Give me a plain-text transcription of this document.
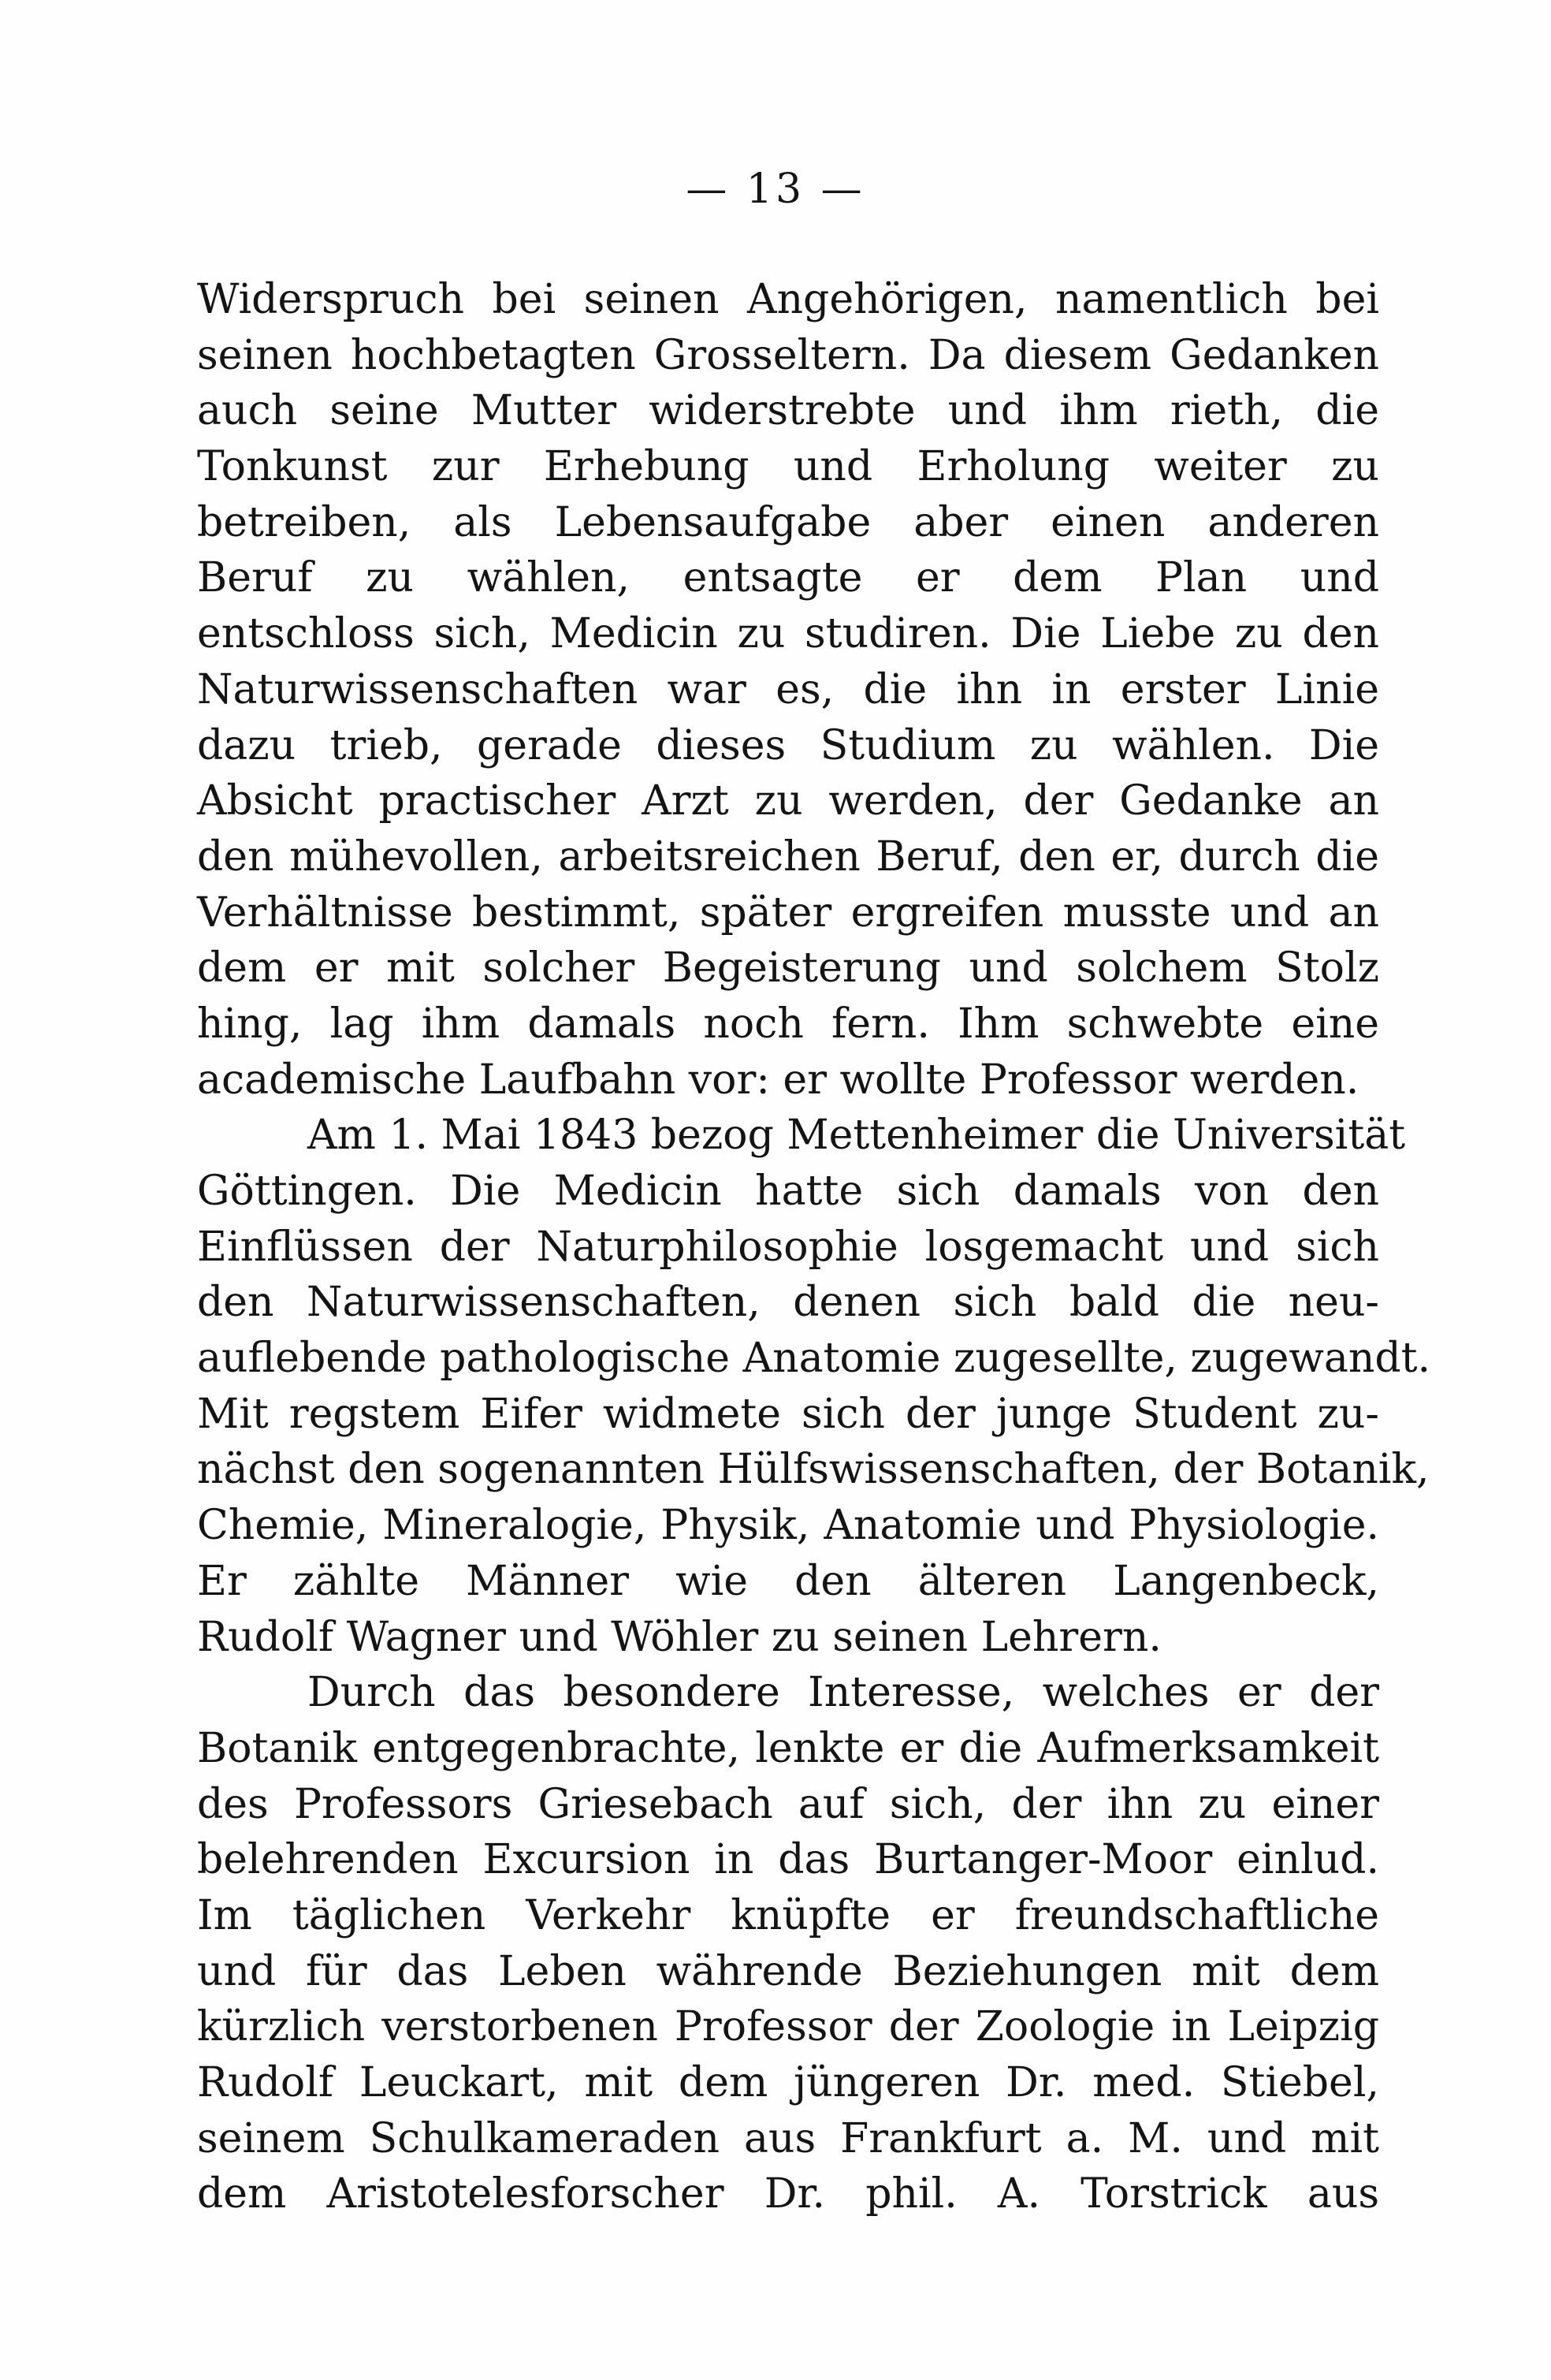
— 13 —
Widerspruch bei seinen Angehörigen, namentlich bei
seinen hochbetagten Grosseltern. Da diesem Gedanken
auch seine Mutter widerstrebte und ihm rieth, die
Tonkunst zur Erhebung und Erholung weiter zu
betreiben, als Lebensaufgabe aber einen anderen
Beruf zu wählen, entsagte er dem Plan und
entschloss sich, Medicin zu studiren. Die Liebe zu den
Naturwissenschaften war es, die ihn in erster Linie
dazu trieb, gerade dieses Studium zu wählen. Die
Absicht practischer Arzt zu werden, der Gedanke an
den mühevollen, arbeitsreichen Beruf, den er, durch die
Verhältnisse bestimmt, später ergreifen musste und an
dem er mit solcher Begeisterung und solchem Stolz
hing, lag ihm damals noch fern. Ihm schwebte eine
academische Laufbahn vor: er wollte Professor werden.
Am 1. Mai 1843 bezog Mettenheimer die Universität
Göttingen. Die Medicin hatte sich damals von den
Einflüssen der Naturphilosophie losgemacht und sich
den Naturwissenschaften, denen sich bald die neu-
auflebende pathologische Anatomie zugesellte, zugewandt.
Mit regstem Eifer widmete sich der junge Student zu-
nächst den sogenannten Hülfswissenschaften, der Botanik,
Chemie, Mineralogie, Physik, Anatomie und Physiologie.
Er zählte Männer wie den älteren Langenbeck,
Rudolf Wagner und Wöhler zu seinen Lehrern.
Durch das besondere Interesse, welches er der
Botanik entgegenbrachte, lenkte er die Aufmerksamkeit
des Professors Griesebach auf sich, der ihn zu einer
belehrenden Excursion in das Burtanger-Moor einlud.
Im täglichen Verkehr knüpfte er freundschaftliche
und für das Leben währende Beziehungen mit dem
kürzlich verstorbenen Professor der Zoologie in Leipzig
Rudolf Leuckart, mit dem jüngeren Dr. med. Stiebel,
seinem Schulkameraden aus Frankfurt a. M. und mit
dem Aristotelesforscher Dr. phil. A. Torstrick aus
